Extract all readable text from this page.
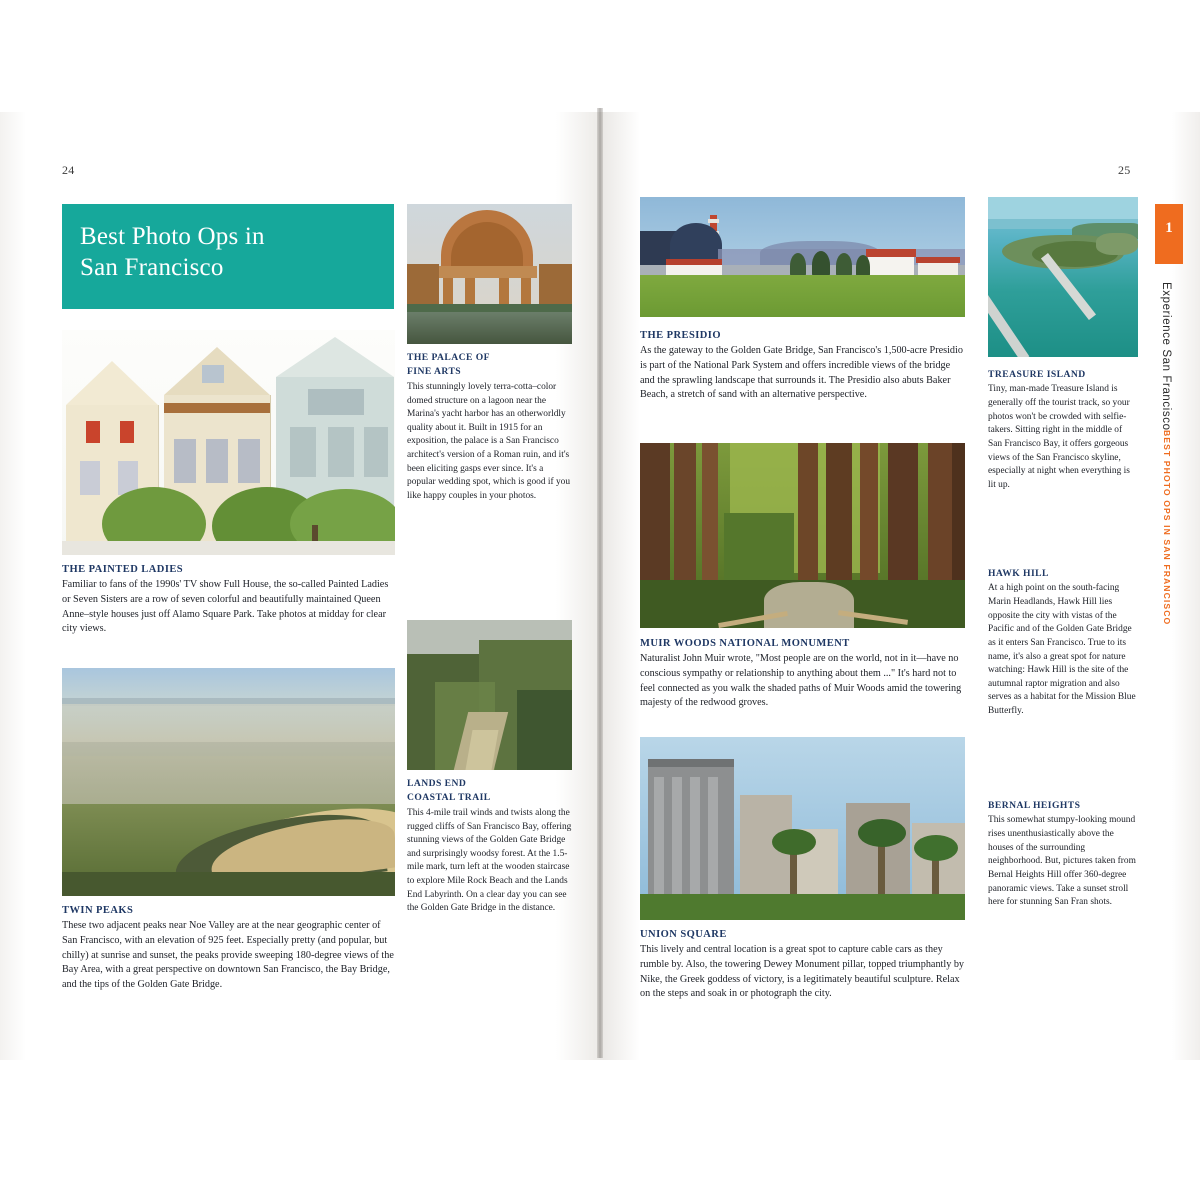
24	25
Best Photo Ops in
San Francisco
THE PAINTED LADIES
Familiar to fans of the 1990s' TV show Full House, the so-called Painted Ladies or Seven Sisters are a row of seven colorful and beautifully maintained Queen Anne–style houses just off Alamo Square Park. Take photos at midday for clear city views.
TWIN PEAKS
These two adjacent peaks near Noe Valley are at the near geographic center of San Francisco, with an elevation of 925 feet. Especially pretty (and popular, but chilly) at sunrise and sunset, the peaks provide sweeping 180-degree views of the Bay Area, with a great perspective on downtown San Francisco, the Bay Bridge, and the tips of the Golden Gate Bridge.
THE PALACE OF
FINE ARTS
This stunningly lovely terra-cotta–color domed structure on a lagoon near the Marina's yacht harbor has an otherworldly quality about it. Built in 1915 for an exposition, the palace is a San Francisco architect's version of a Roman ruin, and it's been eliciting gasps ever since. It's a popular wedding spot, which is good if you like happy couples in your photos.
LANDS END
COASTAL TRAIL
This 4-mile trail winds and twists along the rugged cliffs of San Francisco Bay, offering stunning views of the Golden Gate Bridge and surprisingly woodsy forest. At the 1.5-mile mark, turn left at the wooden staircase to explore Mile Rock Beach and the Lands End Labyrinth. On a clear day you can see the Golden Gate Bridge in the distance.
THE PRESIDIO
As the gateway to the Golden Gate Bridge, San Francisco's 1,500-acre Presidio is part of the National Park System and offers incredible views of the bridge and the sprawling landscape that surrounds it. The Presidio also abuts Baker Beach, a stretch of sand with an alternative perspective.
MUIR WOODS NATIONAL MONUMENT
Naturalist John Muir wrote, "Most people are on the world, not in it—have no conscious sympathy or relationship to anything about them ..." It's hard not to feel connected as you walk the shaded paths of Muir Woods amid the towering majesty of the redwood groves.
UNION SQUARE
This lively and central location is a great spot to capture cable cars as they rumble by. Also, the towering Dewey Monument pillar, topped triumphantly by Nike, the Greek goddess of victory, is a legitimately beautiful sculpture. Relax on the steps and soak in or photograph the city.
TREASURE ISLAND
Tiny, man-made Treasure Island is generally off the tourist track, so your photos won't be crowded with selfie-takers. Sitting right in the middle of San Francisco Bay, it offers gorgeous views of the San Francisco skyline, especially at night when everything is lit up.
HAWK HILL
At a high point on the south-facing Marin Headlands, Hawk Hill lies opposite the city with vistas of the Pacific and of the Golden Gate Bridge as it enters San Francisco. True to its name, it's also a great spot for nature watching: Hawk Hill is the site of the autumnal raptor migration and also serves as a habitat for the Mission Blue Butterfly.
BERNAL HEIGHTS
This somewhat stumpy-looking mound rises unenthusiastically above the houses of the surrounding neighborhood. But, pictures taken from Bernal Heights Hill offer 360-degree panoramic views. Take a sunset stroll here for stunning San Fran shots.
1
Experience San Francisco
BEST PHOTO OPS IN SAN FRANCISCO
